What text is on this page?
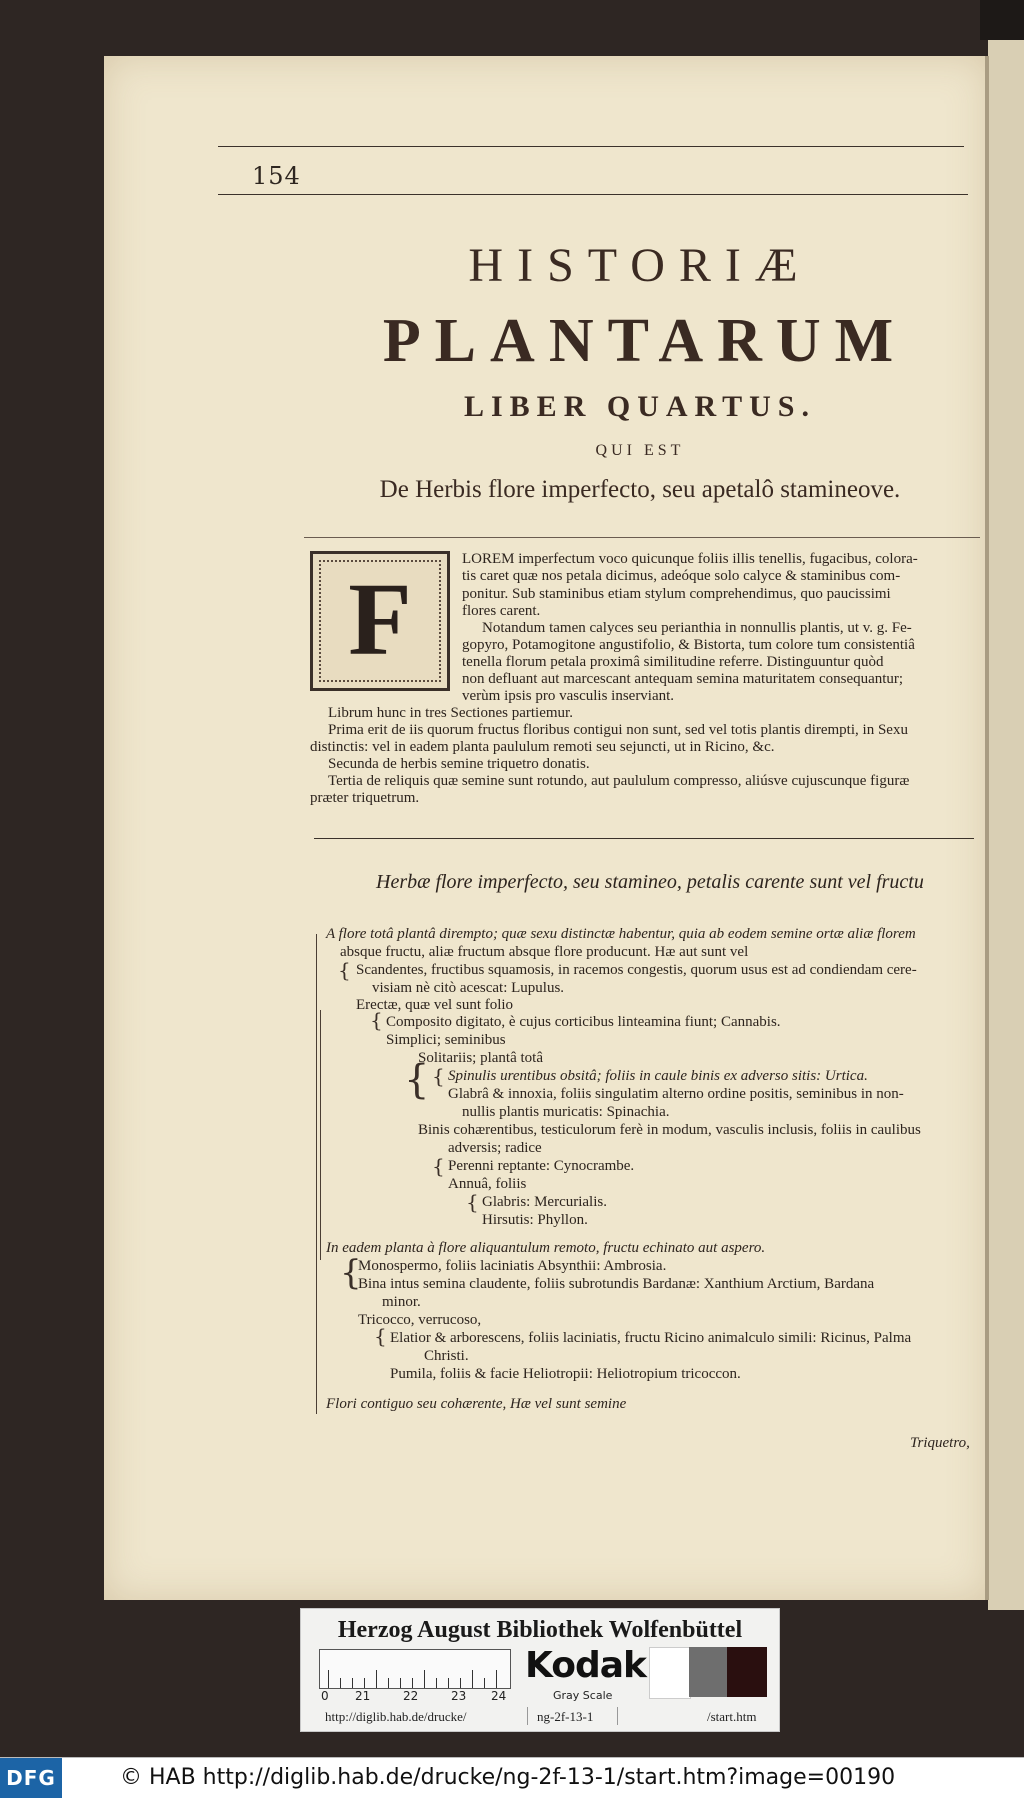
154
HISTORIÆ
PLANTARUM
LIBER QUARTUS.
QUI EST
De Herbis flore imperfecto, seu apetalô stamineove.
F
LOREM imperfectum voco quicunque foliis illis tenellis, fugacibus, colora-
tis caret quæ nos petala dicimus, adeóque solo calyce & staminibus com-
ponitur. Sub staminibus etiam stylum comprehendimus, quo paucissimi
flores carent.
Notandum tamen calyces seu perianthia in nonnullis plantis, ut v. g. Fe-
gopyro, Potamogitone angustifolio, & Bistorta, tum colore tum consistentiâ
tenella florum petala proximâ similitudine referre. Distinguuntur quòd
non defluant aut marcescant antequam semina maturitatem consequantur;
verùm ipsis pro vasculis inserviant.
Librum hunc in tres Sectiones partiemur.
Prima erit de iis quorum fructus floribus contigui non sunt, sed vel totis plantis dirempti, in Sexu
distinctis: vel in eadem planta paululum remoti seu sejuncti, ut in Ricino, &c.
Secunda de herbis semine triquetro donatis.
Tertia de reliquis quæ semine sunt rotundo, aut paululum compresso, aliúsve cujuscunque figuræ
præter triquetrum.
Herbæ flore imperfecto, seu stamineo, petalis carente sunt vel fructu
A flore totâ plantâ dirempto; quæ sexu distinctæ habentur, quia ab eodem semine ortæ aliæ florem
absque fructu, aliæ fructum absque flore producunt. Hæ aut sunt vel
{ Scandentes, fructibus squamosis, in racemos congestis, quorum usus est ad condiendam cere-
visiam nè citò acescat: Lupulus.
Erectæ, quæ vel sunt folio
{ Composito digitato, è cujus corticibus linteamina fiunt; Cannabis.
Simplici; seminibus
Solitariis; plantâ totâ
{ { Spinulis urentibus obsitâ; foliis in caule binis ex adverso sitis: Urtica.
Glabrâ & innoxia, foliis singulatim alterno ordine positis, seminibus in non-
nullis plantis muricatis: Spinachia.
Binis cohærentibus, testiculorum ferè in modum, vasculis inclusis, foliis in caulibus
adversis; radice
{ Perenni reptante: Cynocrambe.
Annuâ, foliis
{ Glabris: Mercurialis.
Hirsutis: Phyllon.
In eadem planta à flore aliquantulum remoto, fructu echinato aut aspero.
{
Monospermo, foliis laciniatis Absynthii: Ambrosia.
Bina intus semina claudente, foliis subrotundis Bardanæ: Xanthium Arctium, Bardana
minor.
Tricocco, verrucoso,
{ Elatior & arborescens, foliis laciniatis, fructu Ricino animalculo simili: Ricinus, Palma
Christi.
Pumila, foliis & facie Heliotropii: Heliotropium tricoccon.
Flori contiguo seu cohærente, Hæ vel sunt semine
Triquetro,
Herzog August Bibliothek Wolfenbüttel
0 21	22	23 24
Kodak
Gray Scale
http://diglib.hab.de/drucke/	ng-2f-13-1	/start.htm
DFG	© HAB http://diglib.hab.de/drucke/ng-2f-13-1/start.htm?image=00190
